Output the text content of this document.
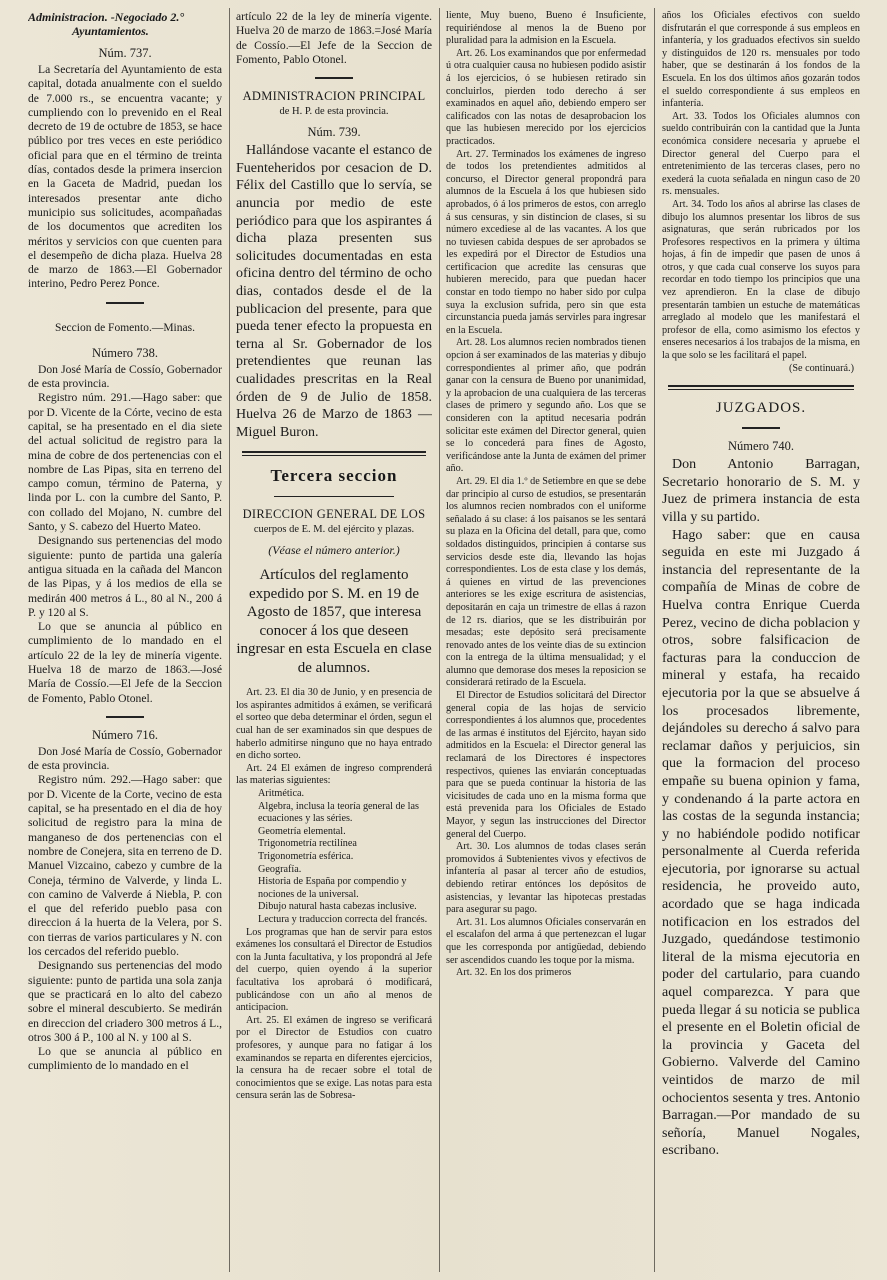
Administracion. -Negociado 2.°
Ayuntamientos.
Núm. 737.

La Secretaría del Ayuntamiento de esta capital, dotada anualmente con el sueldo de 7.000 rs., se encuentra vacante; y cumpliendo con lo prevenido en el Real decreto de 19 de octubre de 1853, se hace público por tres veces en este periódico oficial para que en el término de treinta días, contados desde la primera insercion en la Gaceta de Madrid, puedan los interesados presentar ante dicho municipio sus solicitudes, acompañadas de los documentos que acrediten los méritos y servicios con que cuenten para el desempeño de dicha plaza. Huelva 28 de marzo de 1863.—El Gobernador interino, Pedro Perez Ponce.

Seccion de Fomento.—Minas.
Número 738.

Don José María de Cossío, Gobernador de esta provincia.

Registro núm. 291.—Hago saber: que por D. Vicente de la Córte, vecino de esta capital, se ha presentado en el dia siete del actual solicitud de registro para la mina de cobre de dos pertenencias con el nombre de Las Pipas, sita en terreno del campo comun, término de Paterna, y linda por L. con la cumbre del Santo, P. con collado del Mojano, N. cumbre del Santo, y S. cabezo del Huerto Mateo.

Designando sus pertenencias del modo siguiente: punto de partida una galería antigua situada en la cañada del Mancon de las Pipas, y á los medios de ella se medirán 400 metros á L., 80 al N., 200 á P. y 120 al S.

Lo que se anuncia al público en cumplimiento de lo mandado en el artículo 22 de la ley de minería vigente. Huelva 18 de marzo de 1863.—José María de Cossío.—El Jefe de la Seccion de Fomento, Pablo Otonel.

Número 716.

Don José María de Cossío, Gobernador de esta provincia.

Registro núm. 292.—Hago saber: que por D. Vicente de la Corte, vecino de esta capital, se ha presentado en el dia de hoy solicitud de registro para la mina de manganeso de dos pertenencias con el nombre de Conejera, sita en terreno de D. Manuel Vizcaino, cabezo y cumbre de la Coneja, término de Valverde, y linda L. con camino de Valverde á Niebla, P. con el que del referido pueblo pasa con direccion á la huerta de la Velera, por S. con tierras de varios particulares y N. con los cercados del referido pueblo.

Designando sus pertenencias del modo siguiente: punto de partida una sola zanja que se practicará en lo alto del cabezo sobre el mineral descubierto. Se medirán en direccion del criadero 300 metros á L., otros 300 á P., 100 al N. y 100 al S.

Lo que se anuncia al público en cumplimiento de lo mandado en el

artículo 22 de la ley de minería vigente. Huelva 20 de marzo de 1863.=José María de Cossío.—El Jefe de la Seccion de Fomento, Pablo Otonel.

ADMINISTRACION PRINCIPAL
de H. P. de esta provincia.
Núm. 739.

Hallándose vacante el estanco de Fuenteheridos por cesacion de D. Félix del Castillo que lo servía, se anuncia por medio de este periódico para que los aspirantes á dicha plaza presenten sus solicitudes documentadas en esta oficina dentro del término de ocho dias, contados desde el de la publicacion del presente, para que pueda tener efecto la propuesta en terna al Sr. Gobernador de los pretendientes que reunan las cualidades prescritas en la Real órden de 9 de Julio de 1858. Huelva 26 de Marzo de 1863 —Miguel Buron.

Tercera seccion
DIRECCION GENERAL DE LOS
cuerpos de E. M. del ejército y plazas.
(Véase el número anterior.)
Artículos del reglamento expedido por S. M. en 19 de Agosto de 1857, que interesa conocer á los que deseen ingresar en esta Escuela en clase de alumnos.

Art. 23. El dia 30 de Junio, y en presencia de los aspirantes admitidos á exámen, se verificará el sorteo que deba determinar el órden, segun el cual han de ser examinados sin que despues de haberlo admitirse ninguno que no haya entrado en dicho sorteo.

Art. 24 El exámen de ingreso comprenderá las materias siguientes:

Aritmética.
Algebra, inclusa la teoría general de las ecuaciones y las séries.
Geometría elemental.
Trigonometría rectilínea
Trigonometría esférica.
Geografía.
Historia de España por compendio y nociones de la universal.
Dibujo natural hasta cabezas inclusive.
Lectura y traduccion correcta del francés.

Los programas que han de servir para estos exámenes los consultará el Director de Estudios con la Junta facultativa, y los propondrá al Jefe del cuerpo, quien oyendo á la superior facultativa los aprobará ó modificará, publicándose con un año al menos de anticipacion.

Art. 25. El exámen de ingreso se verificará por el Director de Estudios con cuatro profesores, y aunque para no fatigar á los examinandos se reparta en diferentes ejercicios, la censura ha de recaer sobre el total de conocimientos que se exige. Las notas para esta censura serán las de Sobresa-

liente, Muy bueno, Bueno é Insuficiente, requiriéndose al menos la de Bueno por pluralidad para la admision en la Escuela.

Art. 26. Los examinandos que por enfermedad ú otra cualquier causa no hubiesen podido asistir á los ejercicios, ó se hubiesen retirado sin concluirlos, pierden todo derecho á ser examinados en aquel año, debiendo empero ser calificados con las notas de desaprobacion los que las hubiesen merecido por los ejercicios practicados.

Art. 27. Terminados los exámenes de ingreso de todos los pretendientes admitidos al concurso, el Director general propondrá para alumnos de la Escuela á los que hubiesen sido aprobados, ó á los primeros de estos, con arreglo á sus censuras, y sin distincion de clases, si su número excediese al de las vacantes. A los que no tuviesen cabida despues de ser aprobados se les expedirá por el Director de Estudios una certificacion que acredite las censuras que hubieren merecido, para que puedan hacer constar en todo tiempo no haber sido por culpa suya la exclusion sufrida, pero sin que esta circunstancia pueda jamás servirles para ingresar en la Escuela.

Art. 28. Los alumnos recien nombrados tienen opcion á ser examinados de las materias y dibujo correspondientes al primer año, que podrán ganar con la censura de Bueno por unanimidad, y la aprobacion de una cualquiera de las terceras clases de primero y segundo año. Los que se consideren con la aptitud necesaria podrán solicitar este exámen del Director general, quien se lo concederá para fines de Agosto, verificándose ante la Junta de exámen del primer año.

Art. 29. El dia 1.º de Setiembre en que se debe dar principio al curso de estudios, se presentarán los alumnos recien nombrados con el uniforme señalado á su clase: á los paisanos se les sentará su plaza en la Oficina del detall, para que, como soldados distinguidos, principien á contarse sus servicios desde este dia, llevando las hojas correspondientes. Los de esta clase y los demás, á quienes en virtud de las prevenciones anteriores se les exige escritura de asistencias, depositarán en caja un trimestre de ellas á razon de 12 rs. diarios, que se les distribuirán por mesadas; este depósito será precisamente renovado antes de los veinte dias de su extincion con la entrega de la última mensualidad; y el alumno que demorase dos meses la reposicion se considerará retirado de la Escuela.

El Director de Estudios solicitará del Director general copia de las hojas de servicio correspondientes á los alumnos que, procedentes de las armas é institutos del Ejército, hayan sido admitidos en la Escuela: el Director general las reclamará de los Directores é inspectores respectivos, quienes las enviarán conceptuadas para que se pueda continuar la historia de las vicisitudes de cada uno en la misma forma que está prevenida para los Oficiales de Estado Mayor, y segun las instrucciones del Director general del Cuerpo.

Art. 30. Los alumnos de todas clases serán promovidos á Subtenientes vivos y efectivos de infantería al pasar al tercer año de estudios, debiendo retirar entónces los depósitos de asistencias, y levantar las hipotecas prestadas para asegurar su pago.

Art. 31. Los alumnos Oficiales conservarán en el escalafon del arma á que pertenezcan el lugar que les corresponda por antigüedad, debiendo ser ascendidos cuando les toque por la misma.

Art. 32. En los dos primeros

años los Oficiales efectivos con sueldo disfrutarán el que corresponde á sus empleos en infantería, y los graduados efectivos sin sueldo y distinguidos de 120 rs. mensuales por todo haber, que se destinarán á los fondos de la Escuela. En los dos últimos años gozarán todos el sueldo correspondiente á sus empleos en infantería.

Art. 33. Todos los Oficiales alumnos con sueldo contribuirán con la cantidad que la Junta económica considere necesaria y apruebe el Director general del Cuerpo para el entretenimiento de las terceras clases, pero no exederá la cuota señalada en ningun caso de 20 rs. mensuales.

Art. 34. Todo los años al abrirse las clases de dibujo los alumnos presentar los libros de sus asignaturas, que serán rubricados por los Profesores respectivos en la primera y última hojas, á fin de impedir que pasen de unos á otros, y que cada cual conserve los suyos para recordar en todo tiempo los principios que una vez aprendieron. En la clase de dibujo presentarán tambien un estuche de matemáticas arreglado al modelo que les manifestará el profesor de ella, como asimismo los efectos y enseres necesarios á los trabajos de la misma, en la que solo se les facilitará el papel.

(Se continuará.)
JUZGADOS.
Número 740.

Don Antonio Barragan, Secretario honorario de S. M. y Juez de primera instancia de esta villa y su partido.

Hago saber: que en causa seguida en este mi Juzgado á instancia del representante de la compañía de Minas de cobre de Huelva contra Enrique Cuerda Perez, vecino de dicha poblacion y otros, sobre falsificacion de facturas para la conduccion de mineral y estafa, ha recaido ejecutoria por la que se absuelve á los procesados libremente, dejándoles su derecho á salvo para reclamar daños y perjuicios, sin que la formacion del proceso empañe su buena opinion y fama, y condenando á la parte actora en las costas de la segunda instancia; y no habiéndole podido notificar personalmente al Cuerda referida ejecutoria, por ignorarse su actual residencia, he proveido auto, acordado que se haga indicada notificacion en los estrados del Juzgado, quedándose testimonio literal de la misma ejecutoria en poder del cartulario, para cuando aquel comparezca. Y para que pueda llegar á su noticia se publica el presente en el Boletin oficial de la provincia y Gaceta del Gobierno. Valverde del Camino veintidos de marzo de mil ochocientos sesenta y tres. Antonio Barragan.—Por mandado de su señoría, Manuel Nogales, escribano.
